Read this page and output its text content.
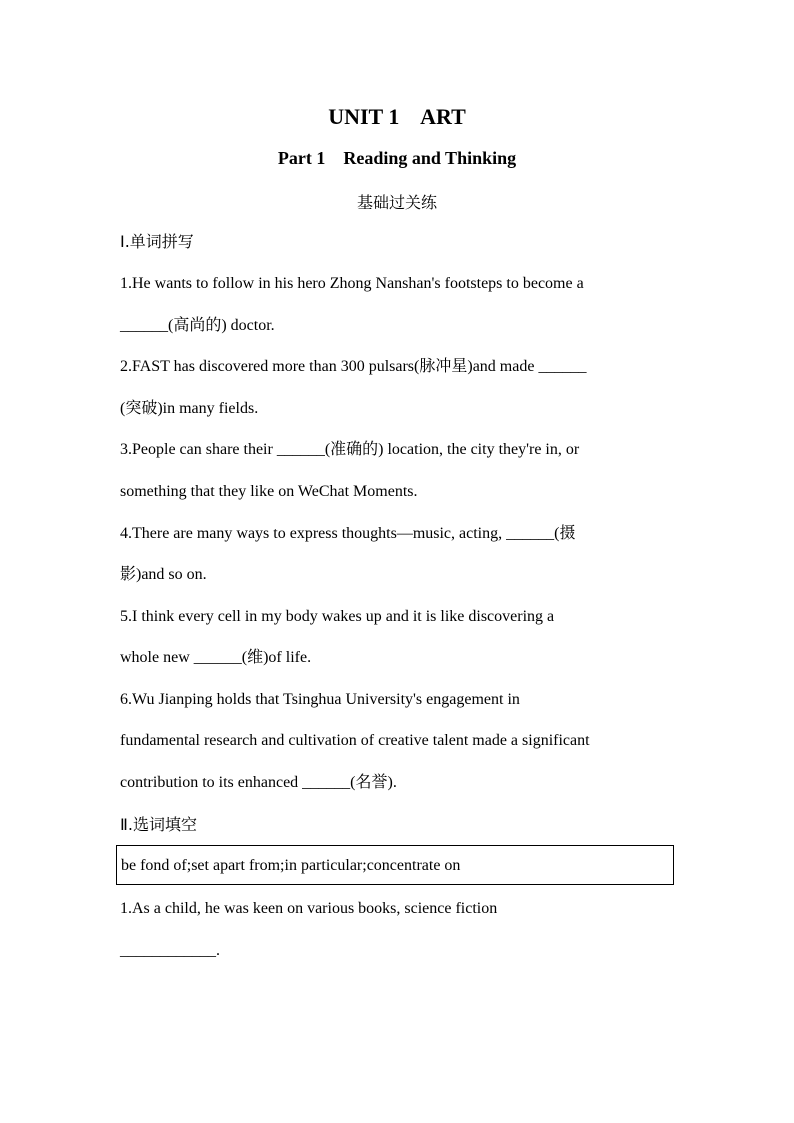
UNIT 1    ART
Part 1    Reading and Thinking
基础过关练
Ⅰ.单词拼写
1.He wants to follow in his hero Zhong Nanshan's footsteps to become a
______(高尚的) doctor.
2.FAST has discovered more than 300 pulsars(脉冲星)and made ______
(突破)in many fields.
3.People can share their ______(准确的) location, the city they're in, or
something that they like on WeChat Moments.
4.There are many ways to express thoughts—music, acting, ______(摄
影)and so on.
5.I think every cell in my body wakes up and it is like discovering a
whole new ______(维)of life.
6.Wu Jianping holds that Tsinghua University's engagement in
fundamental research and cultivation of creative talent made a significant
contribution to its enhanced ______(名誉).
Ⅱ.选词填空
be fond of;set apart from;in particular;concentrate on
1.As a child, he was keen on various books, science fiction
____________.
